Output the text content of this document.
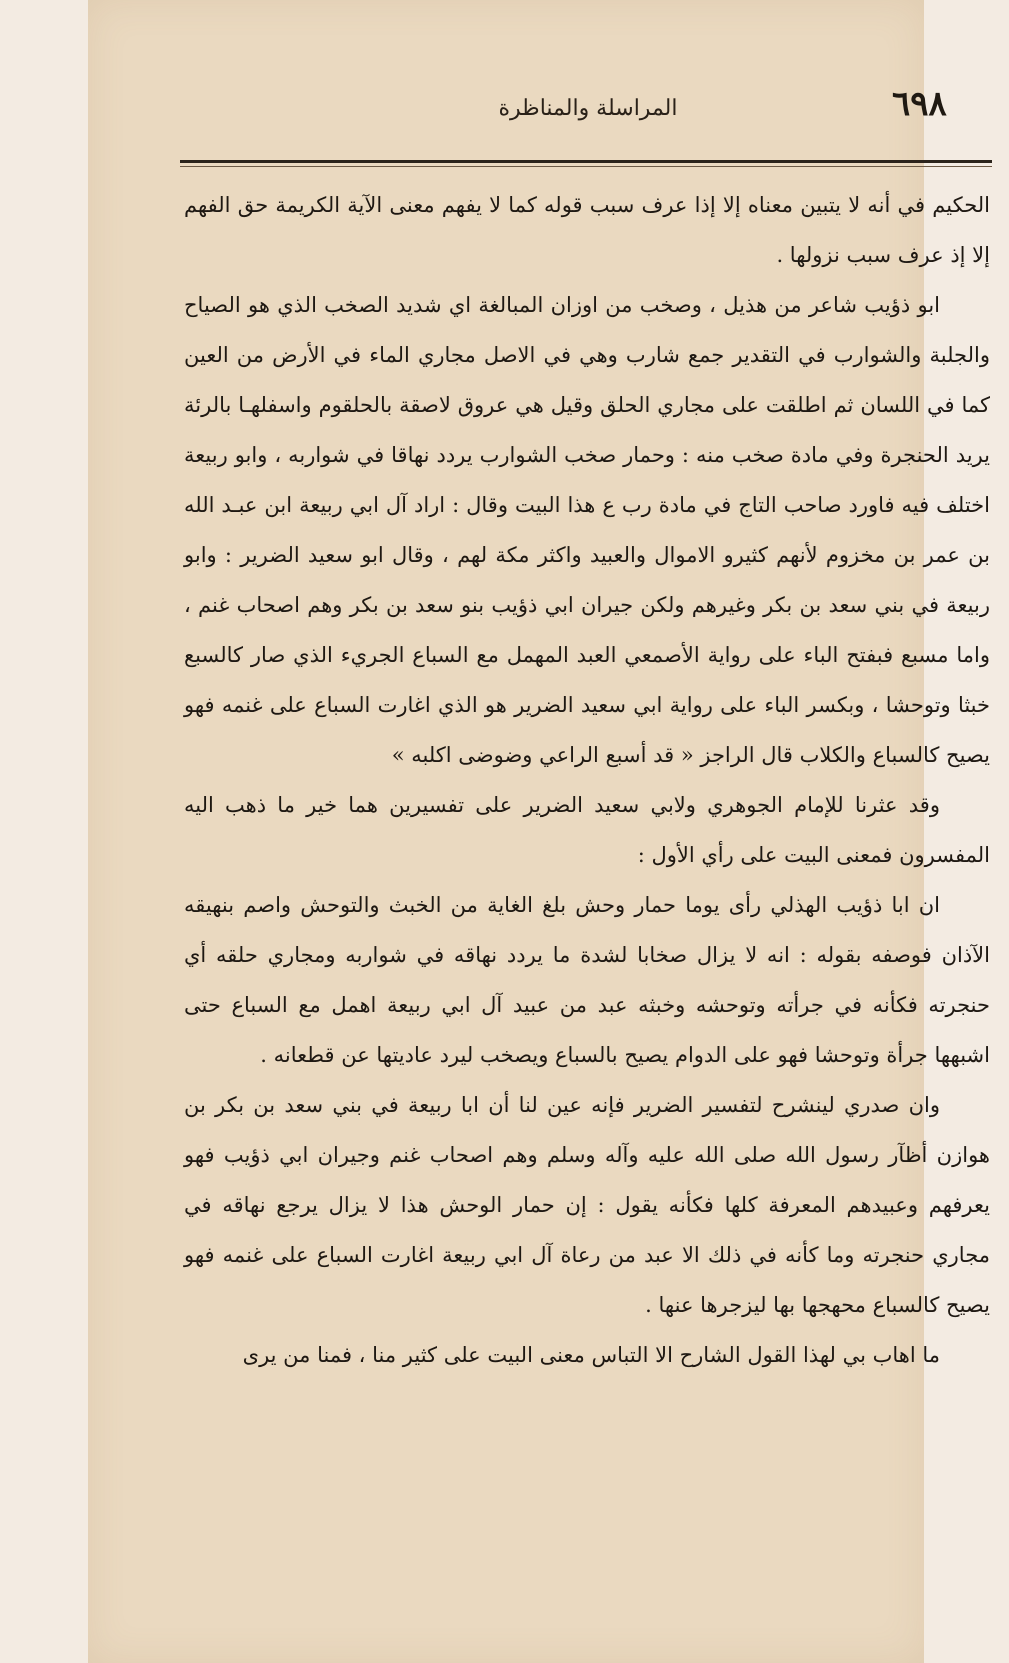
٦٩٨
المراسلة والمناظرة

الحكيم في أنه لا يتبين معناه إلا إذا عرف سبب قوله كما لا يفهم معنى الآية الكريمة حق الفهم إلا إذ عرف سبب نزولها .

ابو ذؤيب شاعر من هذيل ، وصخب من اوزان المبالغة اي شديد الصخب الذي هو الصياح والجلبة والشوارب في التقدير جمع شارب وهي في الاصل مجاري الماء في الأرض من العين كما في اللسان ثم اطلقت على مجاري الحلق وقيل هي عروق لاصقة بالحلقوم واسفلهـا بالرئة يريد الحنجرة وفي مادة صخب منه : وحمار صخب الشوارب يردد نهاقا في شواربه ، وابو ربيعة اختلف فيه فاورد صاحب التاج في مادة رب ع هذا البيت وقال : اراد آل ابي ربيعة ابن عبـد الله بن عمر بن مخزوم لأنهم كثيرو الاموال والعبيد واكثر مكة لهم ، وقال ابو سعيد الضرير : وابو ربيعة في بني سعد بن بكر وغيرهم ولكن جيران ابي ذؤيب بنو سعد بن بكر وهم اصحاب غنم ، واما مسبع فبفتح الباء على رواية الأصمعي العبد المهمل مع السباع الجريء الذي صار كالسبع خبثا وتوحشا ، وبكسر الباء على رواية ابي سعيد الضرير هو الذي اغارت السباع على غنمه فهو يصيح كالسباع والكلاب قال الراجز « قد أسبع الراعي وضوضى اكلبه »

وقد عثرنا للإمام الجوهري ولابي سعيد الضرير على تفسيرين هما خير ما ذهب اليه المفسرون فمعنى البيت على رأي الأول :

ان ابا ذؤيب الهذلي رأى يوما حمار وحش بلغ الغاية من الخبث والتوحش واصم بنهيقه الآذان فوصفه بقوله : انه لا يزال صخابا لشدة ما يردد نهاقه في شواربه ومجاري حلقه أي حنجرته فكأنه في جرأته وتوحشه وخبثه عبد من عبيد آل ابي ربيعة اهمل مع السباع حتى اشبهها جرأة وتوحشا فهو على الدوام يصيح بالسباع ويصخب ليرد عاديتها عن قطعانه .

وان صدري لينشرح لتفسير الضرير فإنه عين لنا أن ابا ربيعة في بني سعد بن بكر بن هوازن أظآر رسول الله صلى الله عليه وآله وسلم وهم اصحاب غنم وجيران ابي ذؤيب فهو يعرفهم وعبيدهم المعرفة كلها فكأنه يقول : إن حمار الوحش هذا لا يزال يرجع نهاقه في مجاري حنجرته وما كأنه في ذلك الا عبد من رعاة آل ابي ربيعة اغارت السباع على غنمه فهو يصيح كالسباع محهجها بها ليزجرها عنها .

ما اهاب بي لهذا القول الشارح الا التباس معنى البيت على كثير منا ، فمنا من يرى
